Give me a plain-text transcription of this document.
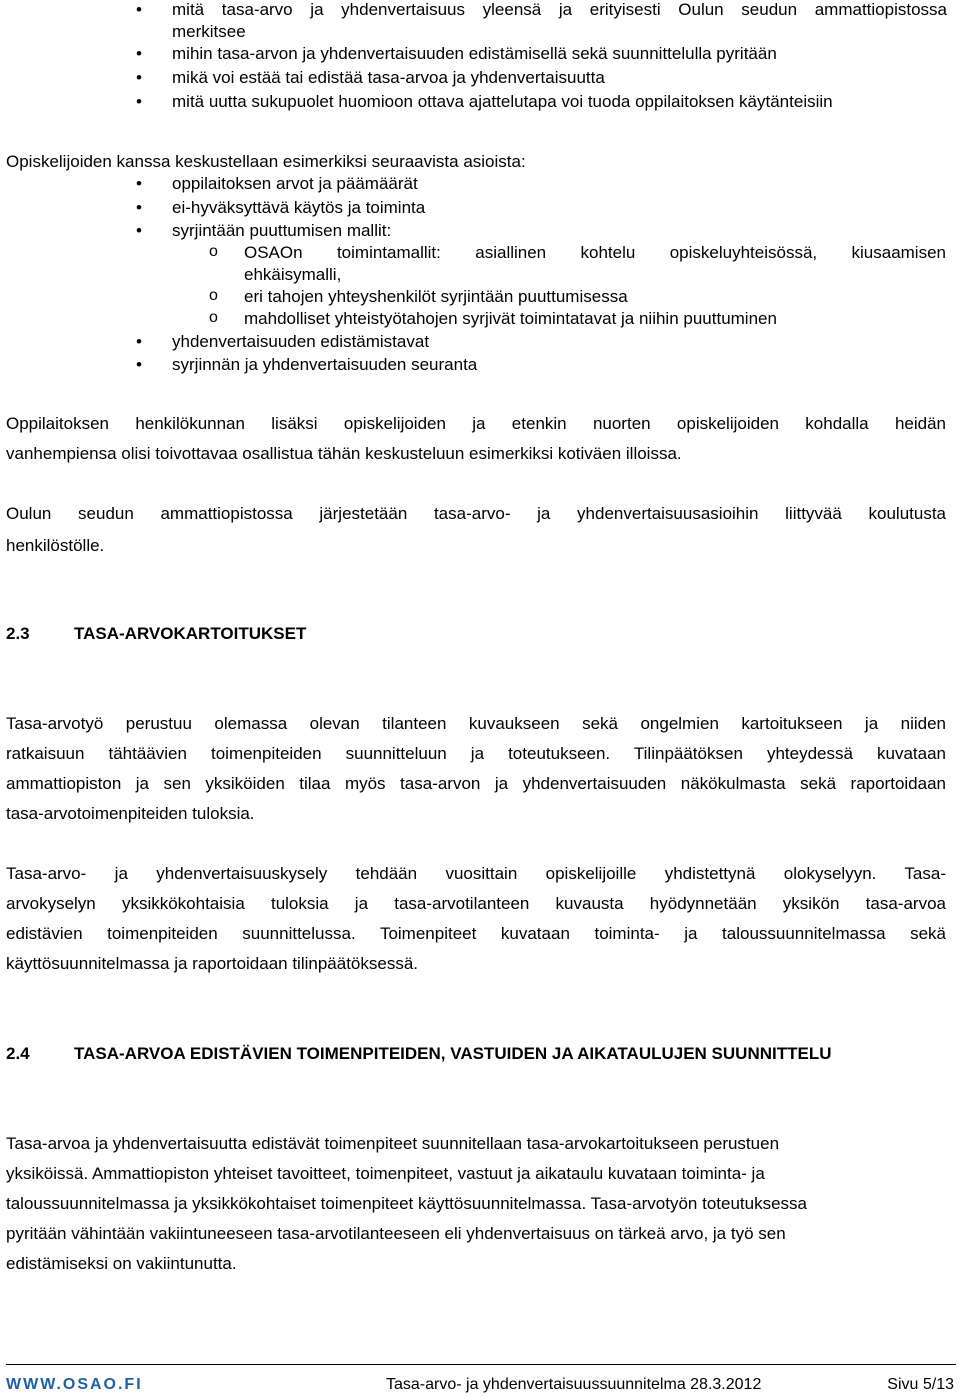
• mitä tasa-arvo ja yhdenvertaisuus yleensä ja erityisesti Oulun seudun ammattiopistossa
merkitsee
• mihin tasa-arvon ja yhdenvertaisuuden edistämisellä sekä suunnittelulla pyritään
• mikä voi estää tai edistää tasa-arvoa ja yhdenvertaisuutta
• mitä uutta sukupuolet huomioon ottava ajattelutapa voi tuoda oppilaitoksen käytänteisiin
Opiskelijoiden kanssa keskustellaan esimerkiksi seuraavista asioista:
• oppilaitoksen arvot ja päämäärät
• ei-hyväksyttävä käytös ja toiminta
• syrjintään puuttumisen mallit:
o OSAOn toimintamallit: asiallinen kohtelu opiskeluyhteisössä, kiusaamisen
ehkäisymalli,
o eri tahojen yhteyshenkilöt syrjintään puuttumisessa
o mahdolliset yhteistyötahojen syrjivät toimintatavat ja niihin puuttuminen
• yhdenvertaisuuden edistämistavat
• syrjinnän ja yhdenvertaisuuden seuranta
Oppilaitoksen henkilökunnan lisäksi opiskelijoiden ja etenkin nuorten opiskelijoiden kohdalla heidän
vanhempiensa olisi toivottavaa osallistua tähän keskusteluun esimerkiksi kotiväen illoissa.
Oulun seudun ammattiopistossa järjestetään tasa-arvo- ja yhdenvertaisuusasioihin liittyvää koulutusta
henkilöstölle.
2.3	TASA-ARVOKARTOITUKSET
Tasa-arvotyö perustuu olemassa olevan tilanteen kuvaukseen sekä ongelmien kartoitukseen ja niiden
ratkaisuun tähtäävien toimenpiteiden suunnitteluun ja toteutukseen. Tilinpäätöksen yhteydessä kuvataan
ammattiopiston ja sen yksiköiden tilaa myös tasa-arvon ja yhdenvertaisuuden näkökulmasta sekä raportoidaan
tasa-arvotoimenpiteiden tuloksia.
Tasa-arvo- ja yhdenvertaisuuskysely tehdään vuosittain opiskelijoille yhdistettynä olokyselyyn. Tasa-
arvokyselyn yksikkökohtaisia tuloksia ja tasa-arvotilanteen kuvausta hyödynnetään yksikön tasa-arvoa
edistävien toimenpiteiden suunnittelussa. Toimenpiteet kuvataan toiminta- ja taloussuunnitelmassa sekä
käyttösuunnitelmassa ja raportoidaan tilinpäätöksessä.
2.4	TASA-ARVOA EDISTÄVIEN TOIMENPITEIDEN, VASTUIDEN JA AIKATAULUJEN SUUNNITTELU
Tasa-arvoa ja yhdenvertaisuutta edistävät toimenpiteet suunnitellaan tasa-arvokartoitukseen perustuen
yksiköissä. Ammattiopiston yhteiset tavoitteet, toimenpiteet, vastuut ja aikataulu kuvataan toiminta- ja
taloussuunnitelmassa ja yksikkökohtaiset toimenpiteet käyttösuunnitelmassa. Tasa-arvotyön toteutuksessa
pyritään vähintään vakiintuneeseen tasa-arvotilanteeseen eli yhdenvertaisuus on tärkeä arvo, ja työ sen
edistämiseksi on vakiintunutta.
WWW.OSAO.FI	Tasa-arvo- ja yhdenvertaisuussuunnitelma 28.3.2012	Sivu 5/13
